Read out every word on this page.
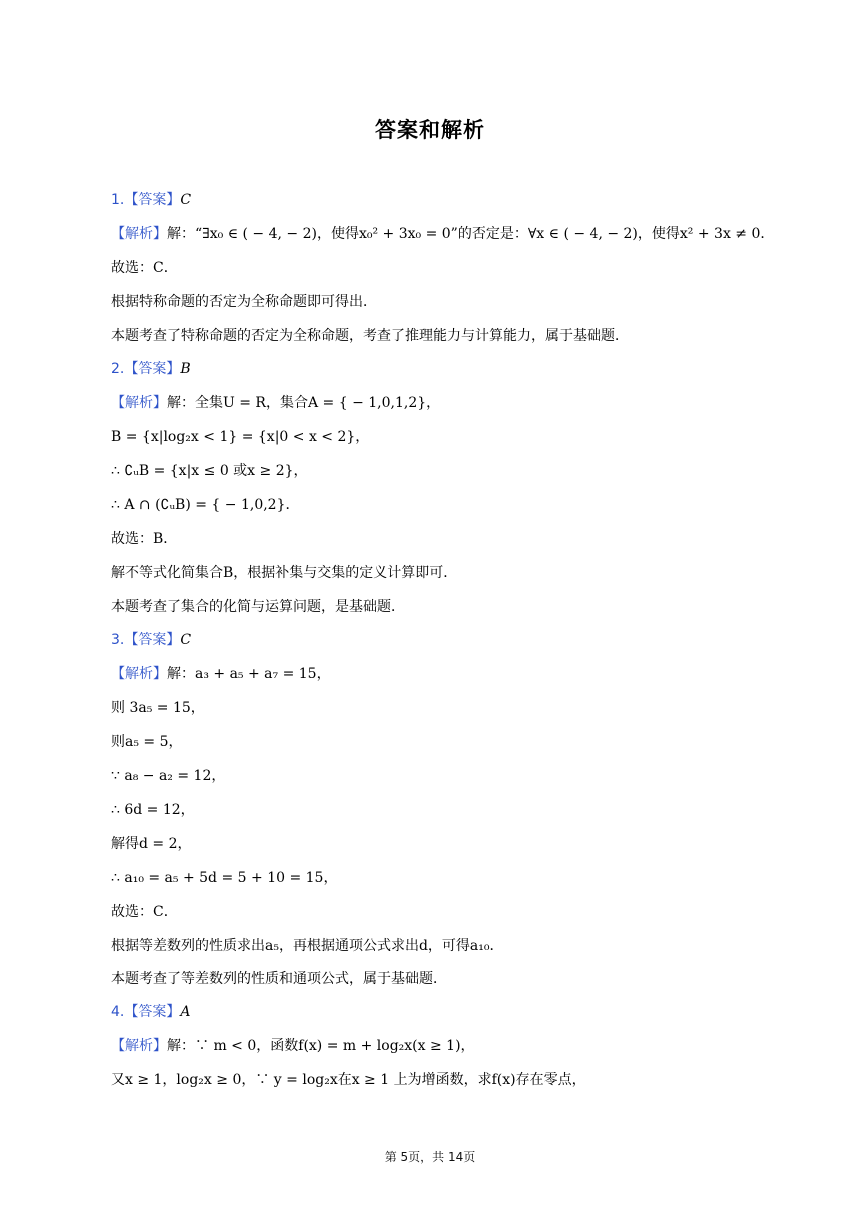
答案和解析
1.【答案】C
【解析】解：“∃x₀ ∈ ( − 4, − 2)，使得x₀² + 3x₀ = 0”的否定是：∀x ∈ ( − 4, − 2)，使得x² + 3x ≠ 0．
故选：C．
根据特称命题的否定为全称命题即可得出．
本题考查了特称命题的否定为全称命题，考查了推理能力与计算能力，属于基础题．
2.【答案】B
【解析】解：全集U = R，集合A = { − 1,0,1,2}，
B = {x|log₂x < 1} = {x|0 < x < 2}，
∴ ∁ᵤB = {x|x ≤ 0 或x ≥ 2}，
∴ A ∩ (∁ᵤB) = { − 1,0,2}．
故选：B．
解不等式化简集合B，根据补集与交集的定义计算即可．
本题考查了集合的化简与运算问题，是基础题．
3.【答案】C
【解析】解：a₃ + a₅ + a₇ = 15，
则 3a₅ = 15，
则a₅ = 5，
∵ a₈ − a₂ = 12，
∴ 6d = 12，
解得d = 2，
∴ a₁₀ = a₅ + 5d = 5 + 10 = 15，
故选：C．
根据等差数列的性质求出a₅，再根据通项公式求出d，可得a₁₀．
本题考查了等差数列的性质和通项公式，属于基础题．
4.【答案】A
【解析】解：∵ m < 0，函数f(x) = m + log₂x(x ≥ 1)，
又x ≥ 1，log₂x ≥ 0，∵ y = log₂x在x ≥ 1 上为增函数，求f(x)存在零点，
第 5页，共 14页
